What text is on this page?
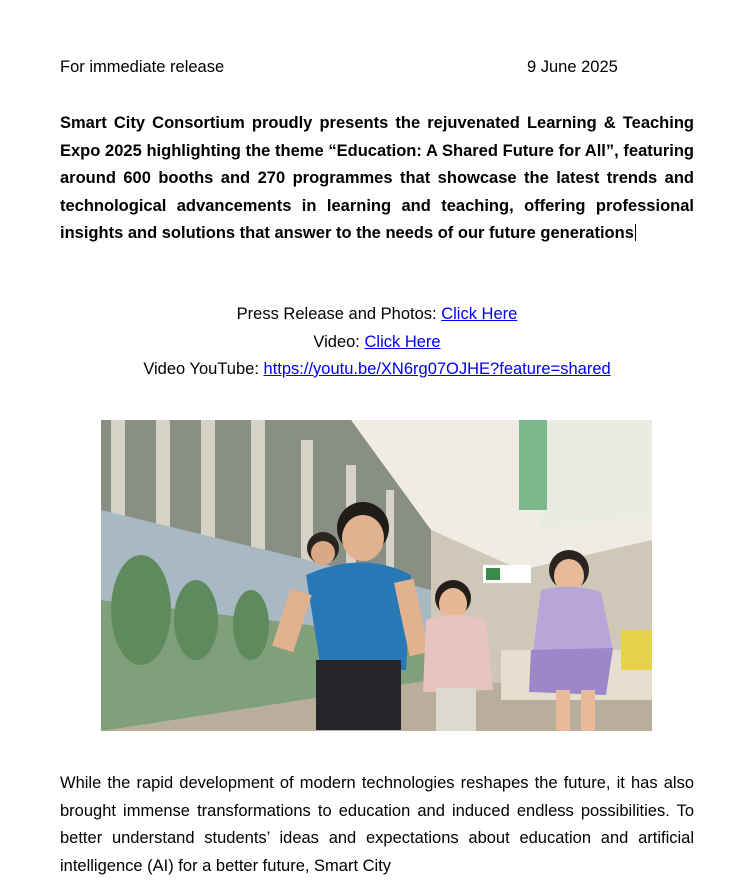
For immediate release	9 June 2025
Smart City Consortium proudly presents the rejuvenated Learning & Teaching Expo 2025 highlighting the theme “Education: A Shared Future for All”, featuring around 600 booths and 270 programmes that showcase the latest trends and technological advancements in learning and teaching, offering professional insights and solutions that answer to the needs of our future generations
Press Release and Photos: Click Here
Video: Click Here
Video YouTube: https://youtu.be/XN6rg07OJHE?feature=shared
While the rapid development of modern technologies reshapes the future, it has also brought immense transformations to education and induced endless possibilities. To better understand students’ ideas and expectations about education and artificial intelligence (AI) for a better future, Smart City
